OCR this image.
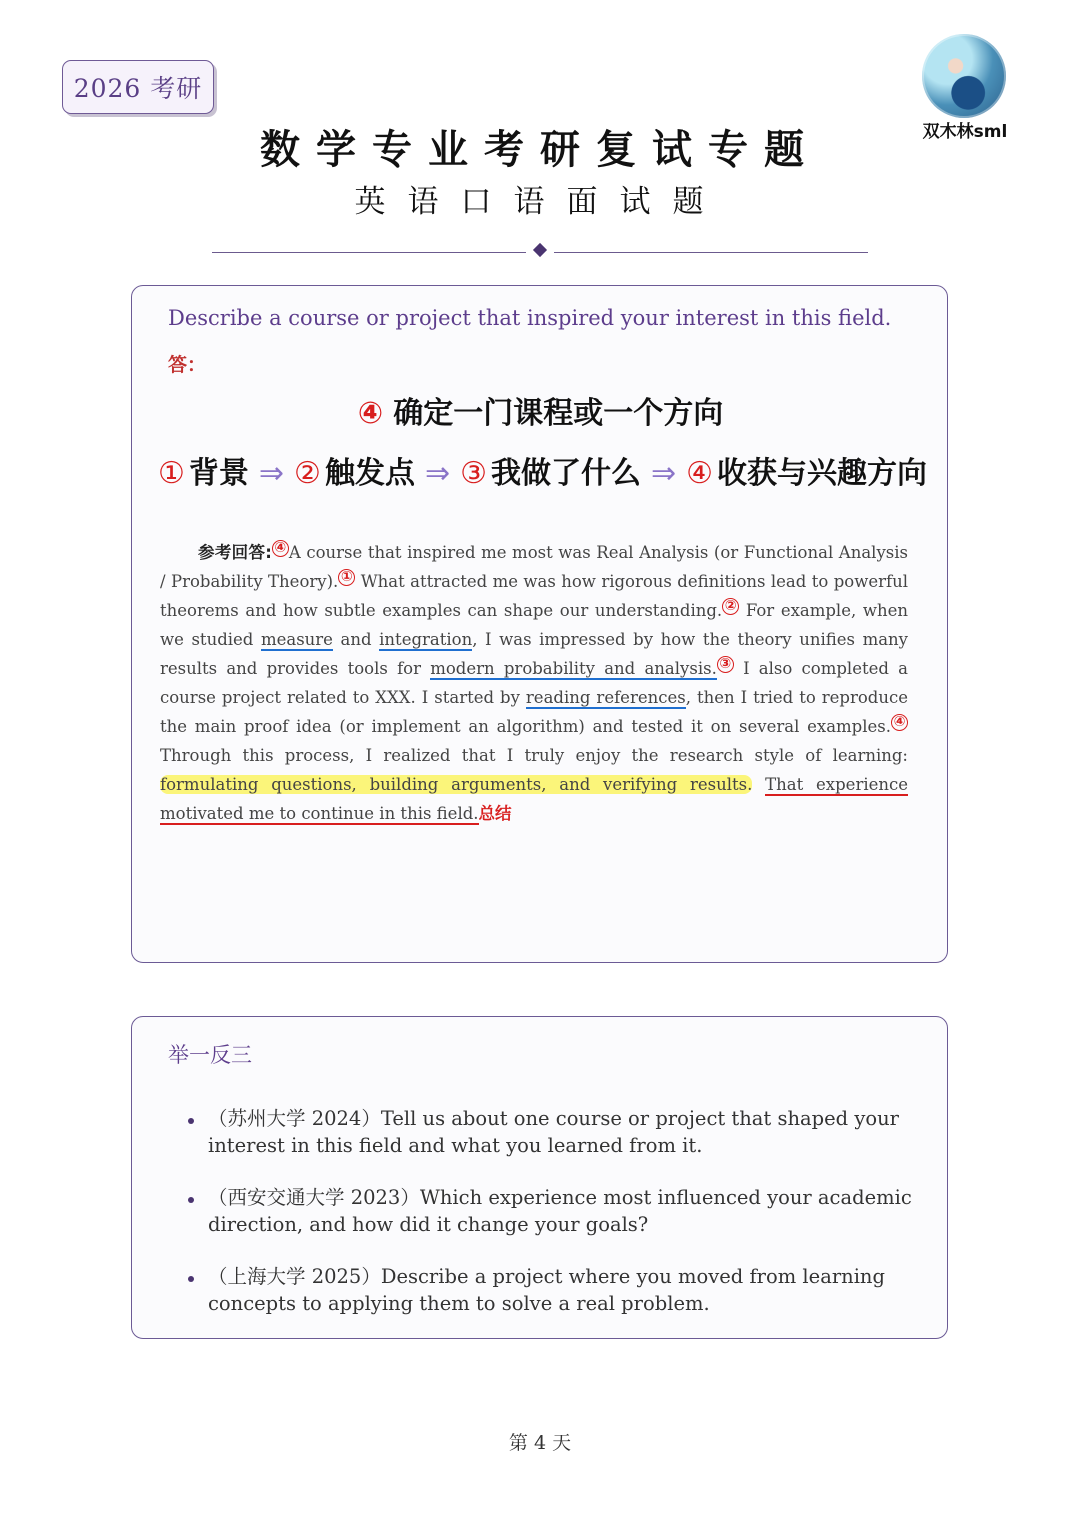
2026 考研
双木林sml
数学专业考研复试专题
英语口语面试题
Describe a course or project that inspired your interest in this field.
答：
④ 确定一门课程或一个方向
① 背景 ⇒ ② 触发点 ⇒ ③ 我做了什么 ⇒ ④ 收获与兴趣方向
参考回答: ④ A course that inspired me most was Real Analysis (or Functional Analysis / Probability Theory). ① What attracted me was how rigorous definitions lead to powerful theorems and how subtle examples can shape our understanding. ② For example, when we studied measure and integration, I was impressed by how the theory unifies many results and provides tools for modern probability and analysis. ③ I also completed a course project related to XXX. I started by reading references, then I tried to reproduce the main proof idea (or implement an algorithm) and tested it on several examples. ④ Through this process, I realized that I truly enjoy the research style of learning: formulating questions, building arguments, and verifying results. That experience motivated me to continue in this field.总结
举一反三
（苏州大学 2024）Tell us about one course or project that shaped your interest in this field and what you learned from it.
（西安交通大学 2023）Which experience most influenced your academic direction, and how did it change your goals?
（上海大学 2025）Describe a project where you moved from learning concepts to applying them to solve a real problem.
第 4 天
